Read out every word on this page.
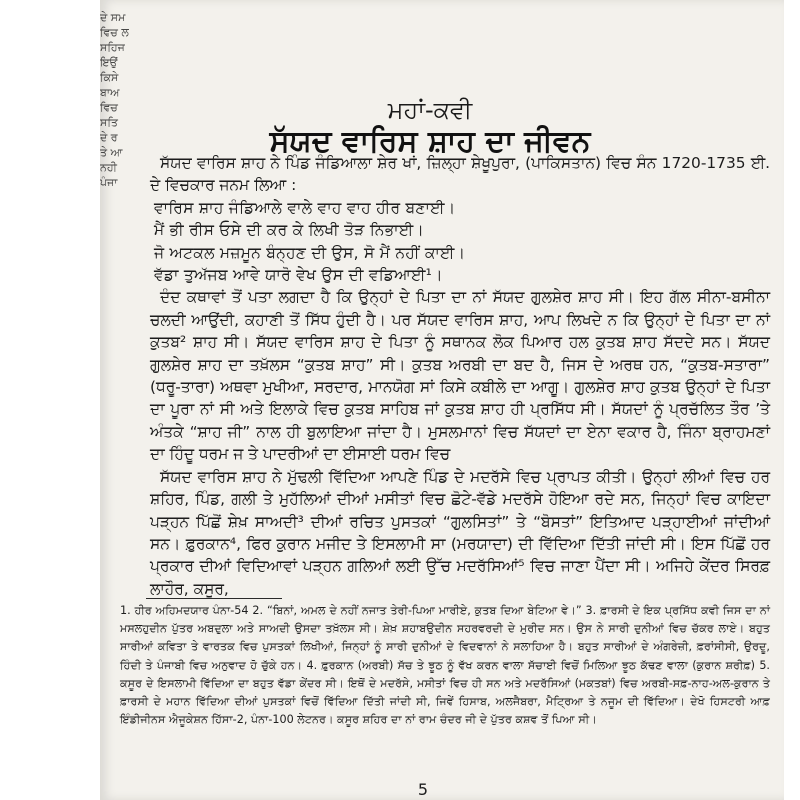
ਦੇ ਸਮ
ਵਿਚ ਲ
ਸਹਿਜ
ਇਉਂ
ਕਿਸੇ
ਬਾਅ
ਵਿਚ
ਸਤਿ
ਦੇ ਰ
ਤੇ ਆ
ਨਹੀ
ਪੰਜਾ
ਮਹਾਂ-ਕਵੀ
ਸੱਯਦ ਵਾਰਿਸ ਸ਼ਾਹ ਦਾ ਜੀਵਨ

ਸੱਯਦ ਵਾਰਿਸ ਸ਼ਾਹ ਨੇ ਪਿੰਡ ਜੰਡਿਆਲਾ ਸ਼ੇਰ ਖਾਂ, ਜ਼ਿਲ੍ਹਾ ਸ਼ੇਖੂਪੁਰਾ, (ਪਾਕਿਸਤਾਨ) ਵਿਚ ਸੰਨ 1720-1735 ਈ. ਦੇ ਵਿਚਕਾਰ ਜਨਮ ਲਿਆ :

ਵਾਰਿਸ ਸ਼ਾਹ ਜੰਡਿਆਲੇ ਵਾਲੇ ਵਾਹ ਵਾਹ ਹੀਰ ਬਣਾਈ।
ਮੈਂ ਭੀ ਰੀਸ ਓਸੇ ਦੀ ਕਰ ਕੇ ਲਿਖੀ ਤੋੜ ਨਿਭਾਈ।
ਜੋ ਅਟਕਲ ਮਜ਼ਮੂਨ ਬੰਨ੍ਹਣ ਦੀ ਉਸ, ਸੋ ਮੈਂ ਨਹੀਂ ਕਾਈ।
ਵੱਡਾ ਤੁਅੱਜਬ ਆਵੇ ਯਾਰੋ ਵੇਖ ਉਸ ਦੀ ਵਡਿਆਈ¹।

ਦੰਦ ਕਥਾਵਾਂ ਤੋਂ ਪਤਾ ਲਗਦਾ ਹੈ ਕਿ ਉਨ੍ਹਾਂ ਦੇ ਪਿਤਾ ਦਾ ਨਾਂ ਸੱਯਦ ਗੁਲਸ਼ੇਰ ਸ਼ਾਹ ਸੀ। ਇਹ ਗੱਲ ਸੀਨਾ-ਬਸੀਨਾ ਚਲਦੀ ਆਉਂਦੀ, ਕਹਾਣੀ ਤੋਂ ਸਿੱਧ ਹੁੰਦੀ ਹੈ। ਪਰ ਸੱਯਦ ਵਾਰਿਸ ਸ਼ਾਹ, ਆਪ ਲਿਖਦੇ ਨ ਕਿ ਉਨ੍ਹਾਂ ਦੇ ਪਿਤਾ ਦਾ ਨਾਂ ਕੁਤਬ² ਸ਼ਾਹ ਸੀ। ਸੱਯਦ ਵਾਰਿਸ ਸ਼ਾਹ ਦੇ ਪਿਤਾ ਨੂੰ ਸਥਾਨਕ ਲੋਕ ਪਿਆਰ ਹਲ ਕੁਤਬ ਸ਼ਾਹ ਸੱਦਦੇ ਸਨ। ਸੱਯਦ ਗੁਲਸ਼ੇਰ ਸ਼ਾਹ ਦਾ ਤਖ਼ੱਲਸ “ਕੁਤਬ ਸ਼ਾਹ” ਸੀ। ਕੁਤਬ ਅਰਬੀ ਦਾ ਬਦ ਹੈ, ਜਿਸ ਦੇ ਅਰਥ ਹਨ, “ਕੁਤਬ-ਸਤਾਰਾ” (ਧਰੂ-ਤਾਰਾ) ਅਥਵਾ ਮੁਖੀਆ, ਸਰਦਾਰ, ਮਾਨਯੋਗ ਸਾਂ ਕਿਸੇ ਕਬੀਲੇ ਦਾ ਆਗੂ। ਗੁਲਸ਼ੇਰ ਸ਼ਾਹ ਕੁਤਬ ਉਨ੍ਹਾਂ ਦੇ ਪਿਤਾ ਦਾ ਪੂਰਾ ਨਾਂ ਸੀ ਅਤੇ ਇਲਾਕੇ ਵਿਚ ਕੁਤਬ ਸਾਹਿਬ ਜਾਂ ਕੁਤਬ ਸ਼ਾਹ ਹੀ ਪ੍ਰਸਿੱਧ ਸੀ। ਸੱਯਦਾਂ ਨੂੰ ਪ੍ਰਚੱਲਿਤ ਤੌਰ ’ਤੇ ਅੰਤਕੇ “ਸ਼ਾਹ ਜੀ” ਨਾਲ ਹੀ ਬੁਲਾਇਆ ਜਾਂਦਾ ਹੈ। ਮੁਸਲਮਾਨਾਂ ਵਿਚ ਸੱਯਦਾਂ ਦਾ ਏਨਾ ਵਕਾਰ ਹੈ, ਜਿੰਨਾ ਬ੍ਰਾਹਮਣਾਂ ਦਾ ਹਿੰਦੂ ਧਰਮ ਜ ਤੇ ਪਾਦਰੀਆਂ ਦਾ ਈਸਾਈ ਧਰਮ ਵਿਚ

ਸੱਯਦ ਵਾਰਿਸ ਸ਼ਾਹ ਨੇ ਮੁੱਢਲੀ ਵਿੱਦਿਆ ਆਪਣੇ ਪਿੰਡ ਦੇ ਮਦਰੱਸੇ ਵਿਚ ਪ੍ਰਾਪਤ ਕੀਤੀ। ਉਨ੍ਹਾਂ ਲੀਆਂ ਵਿਚ ਹਰ ਸ਼ਹਿਰ, ਪਿੰਡ, ਗਲੀ ਤੇ ਮੁਹੱਲਿਆਂ ਦੀਆਂ ਮਸੀਤਾਂ ਵਿਚ ਛੋਟੇ-ਵੱਡੇ ਮਦਰੱਸੇ ਹੋਇਆ ਰਦੇ ਸਨ, ਜਿਨ੍ਹਾਂ ਵਿਚ ਕਾਇਦਾ ਪੜ੍ਹਨ ਪਿੱਛੋਂ ਸ਼ੇਖ਼ ਸਾਅਦੀ³ ਦੀਆਂ ਰਚਿਤ ਪੁਸਤਕਾਂ “ਗੁਲਸਿਤਾਂ” ਤੇ “ਬੋਸਤਾਂ” ਇਤਿਆਦ ਪੜ੍ਹਾਈਆਂ ਜਾਂਦੀਆਂ ਸਨ। ਫ਼ੁਰਕਾਨ⁴, ਫਿਰ ਕੁਰਾਨ ਮਜੀਦ ਤੇ ਇਸਲਾਮੀ ਸਾ (ਮਰਯਾਦਾ) ਦੀ ਵਿੱਦਿਆ ਦਿੱਤੀ ਜਾਂਦੀ ਸੀ। ਇਸ ਪਿੱਛੋਂ ਹਰ ਪ੍ਰਕਾਰ ਦੀਆਂ ਵਿਦਿਆਵਾਂ ਪੜ੍ਹਨ ਗਲਿਆਂ ਲਈ ਉੱਚ ਮਦਰੱਸਿਆਂ⁵ ਵਿਚ ਜਾਣਾ ਪੈਂਦਾ ਸੀ। ਅਜਿਹੇ ਕੇਂਦਰ ਸਿਰਫ਼ ਲਾਹੌਰ, ਕਸੂਰ,

1. ਹੀਰ ਅਹਿਮਦਯਾਰ ਪੰਨਾ-54 2. “ਬਿਨਾਂ, ਅਮਲ ਦੇ ਨਹੀਂ ਨਜਾਤ ਤੇਰੀ-ਪਿਆ ਮਾਰੀਏ, ਕੁਤਬ ਦਿਆ ਬੇਟਿਆ ਵੇ।” 3. ਫ਼ਾਰਸੀ ਦੇ ਇਕ ਪ੍ਰਸਿੱਧ ਕਵੀ ਜਿਸ ਦਾ ਨਾਂ ਮਸਲਹੁਦੀਨ ਪੁੱਤਰ ਅਬਦੁਲਾ ਅਤੇ ਸਾਅਦੀ ਉਸਦਾ ਤਖ਼ੱਲਸ ਸੀ। ਸ਼ੇਖ਼ ਸ਼ਹਾਬਉਦੀਨ ਸਹਰਵਰਦੀ ਦੇ ਮੁਰੀਦ ਸਨ। ਉਸ ਨੇ ਸਾਰੀ ਦੁਨੀਆਂ ਵਿਚ ਚੱਕਰ ਲਾਏ। ਬਹੁਤ ਸਾਰੀਆਂ ਕਵਿਤਾ ਤੇ ਵਾਰਤਕ ਵਿਚ ਪੁਸਤਕਾਂ ਲਿਖੀਆਂ, ਜਿਨ੍ਹਾਂ ਨੂੰ ਸਾਰੀ ਦੁਨੀਆਂ ਦੇ ਵਿਦਵਾਨਾਂ ਨੇ ਸਲਾਹਿਆ ਹੈ। ਬਹੁਤ ਸਾਰੀਆਂ ਦੇ ਅੰਗਰੇਜ਼ੀ, ਫ਼ਰਾਂਸੀਸੀ, ਉਰਦੂ, ਹਿੰਦੀ ਤੇ ਪੰਜਾਬੀ ਵਿਚ ਅਨੁਵਾਦ ਹੋ ਚੁੱਕੇ ਹਨ। 4. ਫ਼ੁਰਕਾਨ (ਅਰਬੀ) ਸੱਚ ਤੇ ਝੂਠ ਨੂੰ ਵੱਖ ਕਰਨ ਵਾਲਾ ਸੱਚਾਈ ਵਿਚੋਂ ਮਿਲਿਆ ਝੂਠ ਕੱਢਣ ਵਾਲਾ (ਕੁਰਾਨ ਸ਼ਰੀਫ਼) 5. ਕਸੂਰ ਦੇ ਇਸਲਾਮੀ ਵਿੱਦਿਆ ਦਾ ਬਹੁਤ ਵੱਡਾ ਕੇਂਦਰ ਸੀ। ਇਥੋਂ ਦੇ ਮਦਰੱਸੇ, ਮਸੀਤਾਂ ਵਿਚ ਹੀ ਸਨ ਅਤੇ ਮਦਰੱਸਿਆਂ (ਮਕਤਬਾਂ) ਵਿਚ ਅਰਬੀ-ਸਫ਼-ਨਾਹ-ਅਲ-ਕੁਰਾਨ ਤੇ ਫ਼ਾਰਸੀ ਦੇ ਮਹਾਨ ਵਿੱਦਿਆ ਦੀਆਂ ਪੁਸਤਕਾਂ ਵਿਚੋਂ ਵਿੱਦਿਆ ਦਿੱਤੀ ਜਾਂਦੀ ਸੀ, ਜਿਵੇਂ ਹਿਸਾਬ, ਅਲਜੈਬਰਾ, ਮੈਟ੍ਰਿਆ ਤੇ ਨਜੂਮ ਦੀ ਵਿੱਦਿਆ। ਦੇਖੋ ਹਿਸਟਰੀ ਆਫ਼ ਇੰਡੀਜੀਨਸ ਐਜੂਕੇਸ਼ਨ ਹਿੱਸਾ-2, ਪੰਨਾ-100 ਲੇਟਨਰ। ਕਸੂਰ ਸ਼ਹਿਰ ਦਾ ਨਾਂ ਰਾਮ ਚੰਦਰ ਜੀ ਦੇ ਪੁੱਤਰ ਕਸ਼ਵ ਤੋਂ ਪਿਆ ਸੀ।

5
